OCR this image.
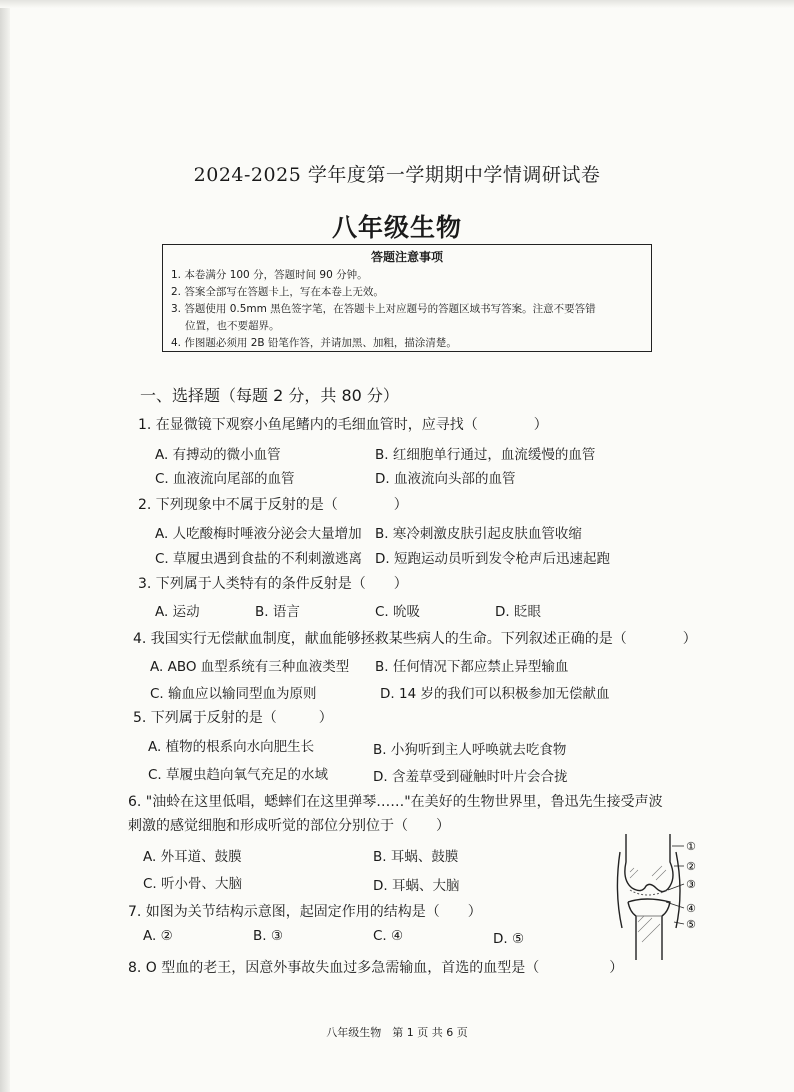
2024-2025 学年度第一学期期中学情调研试卷
八年级生物
答题注意事项
1. 本卷满分 100 分，答题时间 90 分钟。
2. 答案全部写在答题卡上，写在本卷上无效。
3. 答题使用 0.5mm 黑色签字笔，在答题卡上对应题号的答题区域书写答案。注意不要答错
位置，也不要超界。
4. 作图题必须用 2B 铅笔作答，并请加黑、加粗，描涂清楚。
一、选择题（每题 2 分，共 80 分）
1. 在显微镜下观察小鱼尾鳍内的毛细血管时，应寻找（　　　　）
A. 有搏动的微小血管	B. 红细胞单行通过，血流缓慢的血管
C. 血液流向尾部的血管	D. 血液流向头部的血管
2. 下列现象中不属于反射的是（　　　　）
A. 人吃酸梅时唾液分泌会大量增加 B. 寒冷刺激皮肤引起皮肤血管收缩
C. 草履虫遇到食盐的不利刺激逃离 D. 短跑运动员听到发令枪声后迅速起跑
3. 下列属于人类特有的条件反射是（　　）
A. 运动	B. 语言	C. 吮吸	D. 眨眼
4. 我国实行无偿献血制度，献血能够拯救某些病人的生命。下列叙述正确的是（　　　　）
A. ABO 血型系统有三种血液类型 B. 任何情况下都应禁止异型输血
C. 输血应以输同型血为原则	D. 14 岁的我们可以积极参加无偿献血
5. 下列属于反射的是（　　　）
A. 植物的根系向水向肥生长	B. 小狗听到主人呼唤就去吃食物
C. 草履虫趋向氧气充足的水域	D. 含羞草受到碰触时叶片会合拢
6. "油蛉在这里低唱，蟋蟀们在这里弹琴……"在美好的生物世界里，鲁迅先生接受声波
刺激的感觉细胞和形成听觉的部位分别位于（　　）
A. 外耳道、鼓膜	B. 耳蜗、鼓膜
C. 听小骨、大脑	D. 耳蜗、大脑
7. 如图为关节结构示意图，起固定作用的结构是（　　）
A. ②	B. ③	C. ④	D. ⑤
8. O 型血的老王，因意外事故失血过多急需输血，首选的血型是（　　　　　）
①
②
③
④
⑤
八年级生物　第 1 页 共 6 页
